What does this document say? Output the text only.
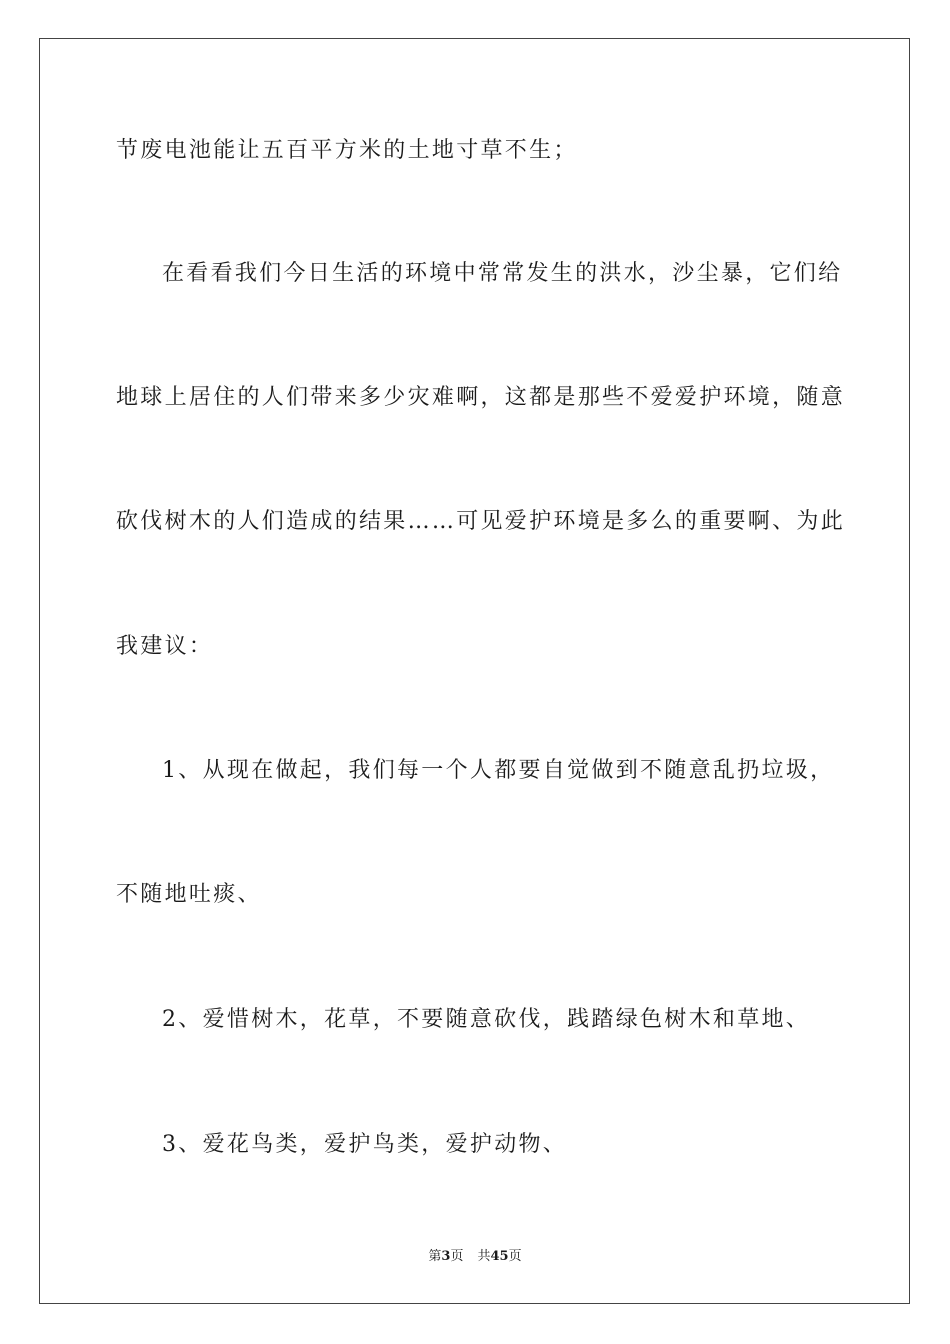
节废电池能让五百平方米的土地寸草不生；
在看看我们今日生活的环境中常常发生的洪水，沙尘暴，它们给
地球上居住的人们带来多少灾难啊，这都是那些不爱爱护环境，随意
砍伐树木的人们造成的结果……可见爱护环境是多么的重要啊、为此
我建议：
1、从现在做起，我们每一个人都要自觉做到不随意乱扔垃圾，
不随地吐痰、
2、爱惜树木，花草，不要随意砍伐，践踏绿色树木和草地、
3、爱花鸟类，爱护鸟类，爱护动物、
第3页 共45页
